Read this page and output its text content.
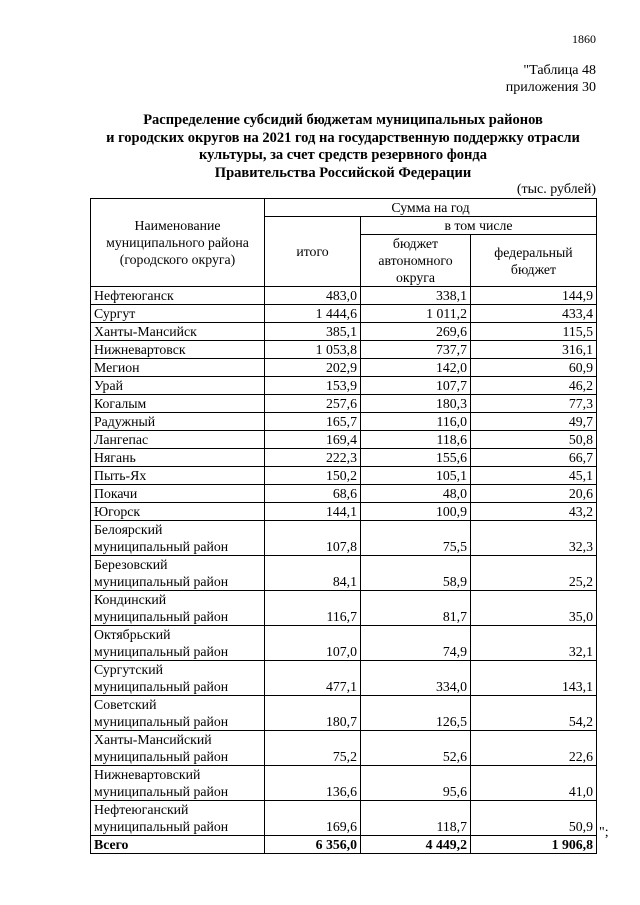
1860
"Таблица 48
приложения 30
Распределение субсидий бюджетам муниципальных районов
и городских округов на 2021 год на государственную поддержку отрасли
культуры, за счет средств резервного фонда
Правительства Российской Федерации
(тыс. рублей)
Наименование муниципального района (городского округа)	Сумма на год		
	итого	в том числе	
		бюджет автономного округа	федеральный бюджет

Нефтеюганск	483,0	338,1	144,9

Сургут	1 444,6	1 011,2	433,4

Ханты-Мансийск	385,1	269,6	115,5

Нижневартовск	1 053,8	737,7	316,1

Мегион	202,9	142,0	60,9

Урай	153,9	107,7	46,2

Когалым	257,6	180,3	77,3

Радужный	165,7	116,0	49,7

Лангепас	169,4	118,6	50,8

Нягань	222,3	155,6	66,7

Пыть-Ях	150,2	105,1	45,1

Покачи	68,6	48,0	20,6

Югорск	144,1	100,9	43,2

Белоярский
муниципальный район	107,8	75,5	32,3

Березовский
муниципальный район	84,1	58,9	25,2

Кондинский
муниципальный район	116,7	81,7	35,0

Октябрьский
муниципальный район	107,0	74,9	32,1

Сургутский
муниципальный район	477,1	334,0	143,1

Советский
муниципальный район	180,7	126,5	54,2

Ханты-Мансийский
муниципальный район	75,2	52,6	22,6

Нижневартовский
муниципальный район	136,6	95,6	41,0

Нефтеюганский
муниципальный район	169,6	118,7	50,9
Всего	6 356,0	4 449,2	1 906,8
";
